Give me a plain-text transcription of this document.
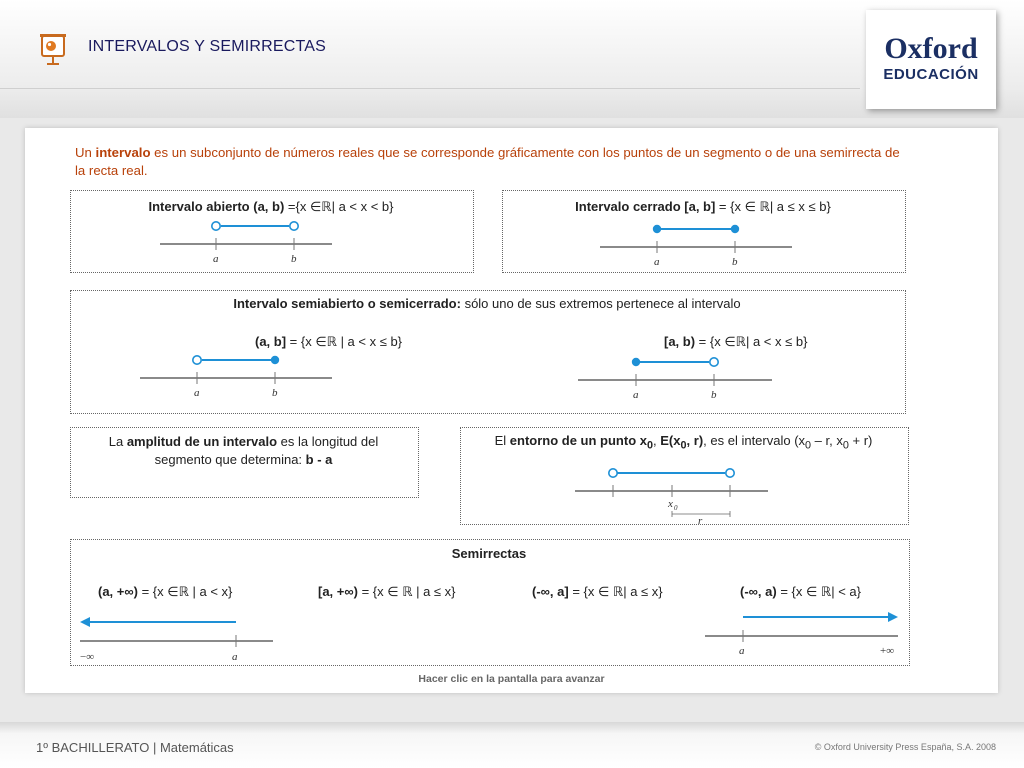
INTERVALOS Y SEMIRRECTAS	Oxford
EDUCACIÓN
Un intervalo es un subconjunto de números reales que se corresponde gráficamente con los puntos de un segmento o de una semirrecta de la recta real.
Intervalo abierto (a, b) ={x ∈ℝ| a < x < b}	Intervalo cerrado [a, b] = {x ∈ ℝ| a ≤ x ≤ b}
Intervalo semiabierto o semicerrado: sólo uno de sus extremos pertenece al intervalo
(a, b] = {x ∈ℝ | a < x ≤ b}	[a, b) = {x ∈ℝ| a < x ≤ b}
La amplitud de un intervalo es la longitud del
segmento que determina: b - a
El entorno de un punto $x_0$, $E(x_0$, r), es el intervalo ($x_0$ – r, $x_0 + r$)
Semirrectas
(a, +∞) = {x ∈ℝ | a < x}	[a, +∞) = {x ∈ ℝ | a ≤ x}	(-∞, a] = {x ∈ ℝ| a ≤ x}	(-∞, a) = {x ∈ ℝ| < a}
a	b	a	b
a	b	a	b
x 0
r
−∞	a	a	+∞
Hacer clic en la pantalla para avanzar
1º BACHILLERATO | Matemáticas	© Oxford University Press España, S.A. 2008
